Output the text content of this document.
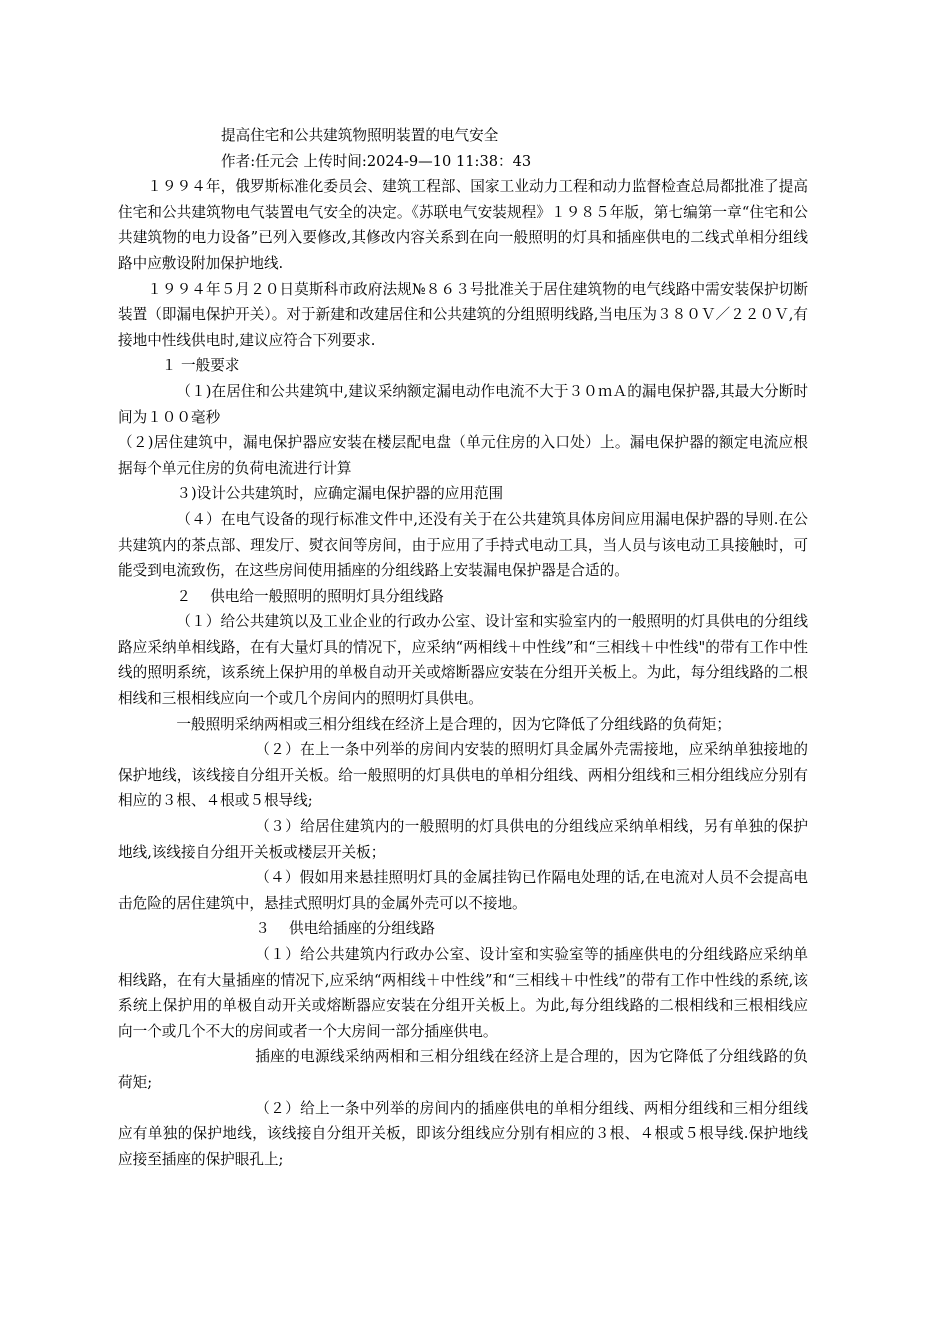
提高住宅和公共建筑物照明装置的电气安全

作者:任元会 上传时间:2024-9—10 11:38：43

１９９４年，俄罗斯标准化委员会、建筑工程部、国家工业动力工程和动力监督检查总局都批准了提高住宅和公共建筑物电气装置电气安全的决定。《苏联电气安装规程》１９８５年版，第七编第一章“住宅和公共建筑物的电力设备”已列入要修改,其修改内容关系到在向一般照明的灯具和插座供电的二线式单相分组线路中应敷设附加保护地线.

１９９４年５月２０日莫斯科市政府法规№８６３号批准关于居住建筑物的电气线路中需安装保护切断装置（即漏电保护开关）。对于新建和改建居住和公共建筑的分组照明线路,当电压为３８０Ｖ／２２０Ｖ,有接地中性线供电时,建议应符合下列要求.

１ 一般要求

（１)在居住和公共建筑中,建议采纳额定漏电动作电流不大于３０ｍＡ的漏电保护器,其最大分断时间为１００毫秒

（２)居住建筑中，漏电保护器应安装在楼层配电盘（单元住房的入口处）上。漏电保护器的额定电流应根据每个单元住房的负荷电流进行计算

３)设计公共建筑时，应确定漏电保护器的应用范围

（４）在电气设备的现行标准文件中,还没有关于在公共建筑具体房间应用漏电保护器的导则.在公共建筑内的茶点部、理发厅、熨衣间等房间，由于应用了手持式电动工具，当人员与该电动工具接触时，可能受到电流致伤，在这些房间使用插座的分组线路上安装漏电保护器是合适的。

２　 供电给一般照明的照明灯具分组线路

（１）给公共建筑以及工业企业的行政办公室、设计室和实验室内的一般照明的灯具供电的分组线路应采纳单相线路，在有大量灯具的情况下，应采纳“两相线＋中性线”和“三相线＋中性线"的带有工作中性线的照明系统，该系统上保护用的单极自动开关或熔断器应安装在分组开关板上。为此，每分组线路的二根相线和三根相线应向一个或几个房间内的照明灯具供电。

一般照明采纳两相或三相分组线在经济上是合理的，因为它降低了分组线路的负荷矩；

（２）在上一条中列举的房间内安装的照明灯具金属外壳需接地，应采纳单独接地的保护地线，该线接自分组开关板。给一般照明的灯具供电的单相分组线、两相分组线和三相分组线应分别有相应的３根、４根或５根导线;

（３）给居住建筑内的一般照明的灯具供电的分组线应采纳单相线，另有单独的保护地线,该线接自分组开关板或楼层开关板；

（４）假如用来悬挂照明灯具的金属挂钩已作隔电处理的话,在电流对人员不会提高电击危险的居住建筑中，悬挂式照明灯具的金属外壳可以不接地。

３　 供电给插座的分组线路

（１）给公共建筑内行政办公室、设计室和实验室等的插座供电的分组线路应采纳单相线路，在有大量插座的情况下,应采纳“两相线＋中性线”和“三相线＋中性线”的带有工作中性线的系统,该系统上保护用的单极自动开关或熔断器应安装在分组开关板上。为此,每分组线路的二根相线和三根相线应向一个或几个不大的房间或者一个大房间一部分插座供电。

插座的电源线采纳两相和三相分组线在经济上是合理的，因为它降低了分组线路的负荷矩;

（２）给上一条中列举的房间内的插座供电的单相分组线、两相分组线和三相分组线应有单独的保护地线，该线接自分组开关板，即该分组线应分别有相应的３根、４根或５根导线.保护地线应接至插座的保护眼孔上;
